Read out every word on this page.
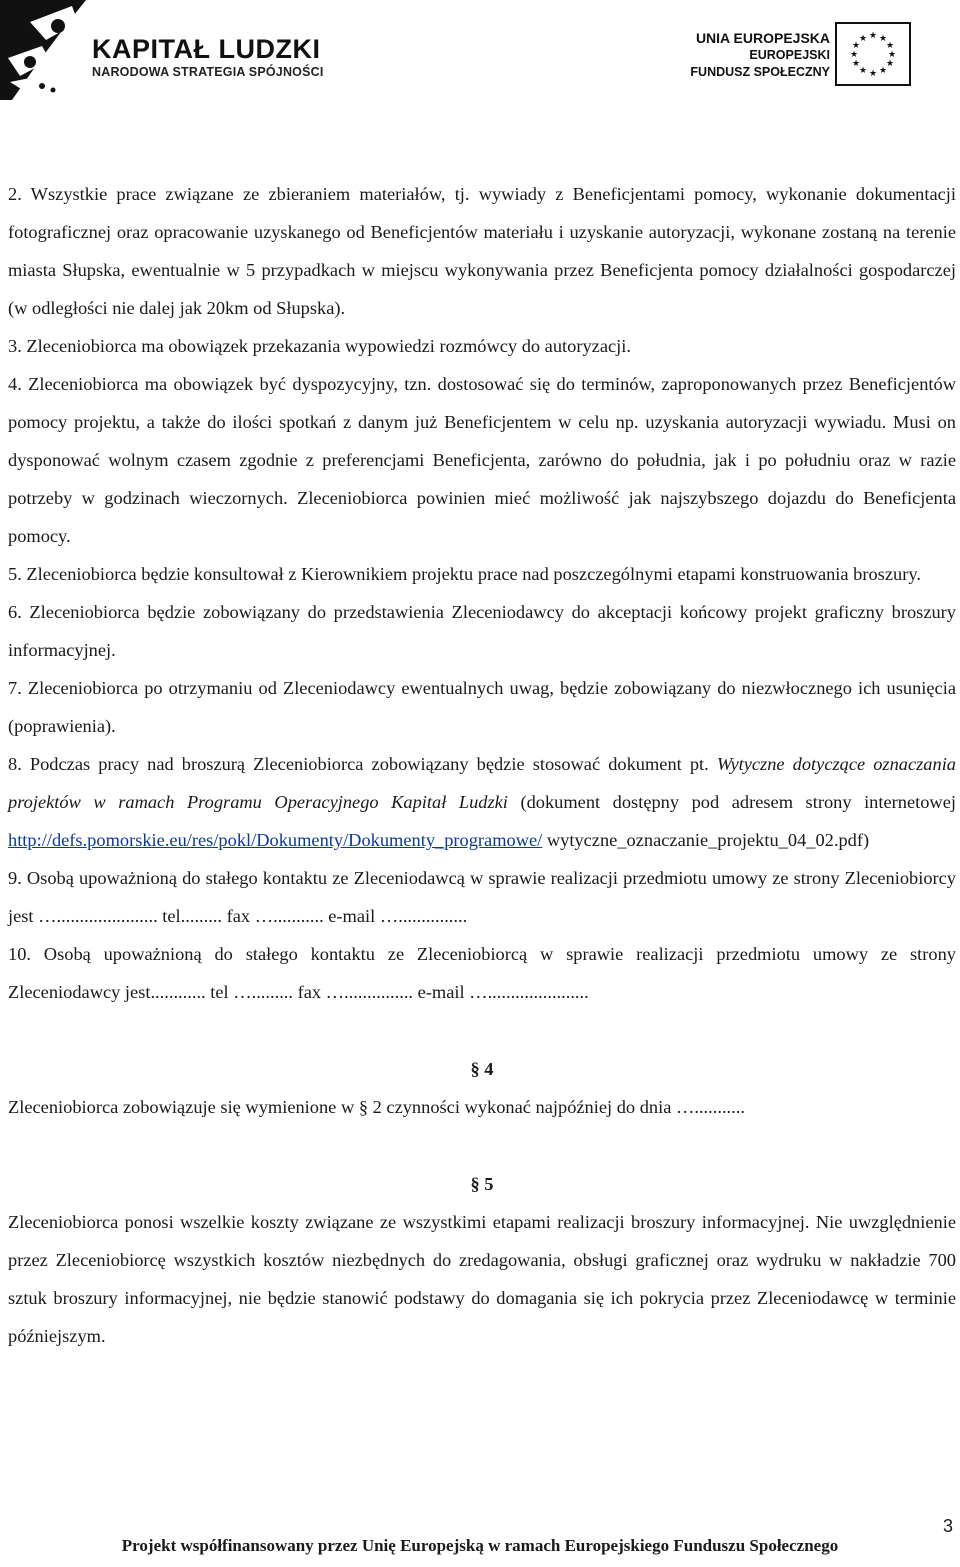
KAPITAŁ LUDZKI
NARODOWA STRATEGIA SPÓJNOŚCI
UNIA EUROPEJSKA
EUROPEJSKI
FUNDUSZ SPOŁECZNY
★ ★
★
★
★
★
★
★
★
★
★
★

2. Wszystkie prace związane ze zbieraniem materiałów, tj. wywiady z Beneficjentami pomocy, wykonanie dokumentacji fotograficznej oraz opracowanie uzyskanego od Beneficjentów materiału i uzyskanie autoryzacji, wykonane zostaną na terenie miasta Słupska, ewentualnie w 5 przypadkach w miejscu wykonywania przez Beneficjenta pomocy działalności gospodarczej (w odległości nie dalej jak 20km od Słupska).

3. Zleceniobiorca ma obowiązek przekazania wypowiedzi rozmówcy do autoryzacji.

4. Zleceniobiorca ma obowiązek być dyspozycyjny, tzn. dostosować się do terminów, zaproponowanych przez Beneficjentów pomocy projektu, a także do ilości spotkań z danym już Beneficjentem w celu np. uzyskania autoryzacji wywiadu. Musi on dysponować wolnym czasem zgodnie z preferencjami Beneficjenta, zarówno do południa, jak i po południu oraz w razie potrzeby w godzinach wieczornych. Zleceniobiorca powinien mieć możliwość jak najszybszego dojazdu do Beneficjenta pomocy.

5. Zleceniobiorca będzie konsultował z Kierownikiem projektu prace nad poszczególnymi etapami konstruowania broszury.

6. Zleceniobiorca będzie zobowiązany do przedstawienia Zleceniodawcy do akceptacji końcowy projekt graficzny broszury informacyjnej.

7. Zleceniobiorca po otrzymaniu od Zleceniodawcy ewentualnych uwag, będzie zobowiązany do niezwłocznego ich usunięcia (poprawienia).

8. Podczas pracy nad broszurą Zleceniobiorca zobowiązany będzie stosować dokument pt. Wytyczne dotyczące oznaczania projektów w ramach Programu Operacyjnego Kapitał Ludzki (dokument dostępny pod adresem strony internetowej http://defs.pomorskie.eu/res/pokl/Dokumenty/Dokumenty_programowe/ wytyczne_oznaczanie_projektu_04_02.pdf)

9. Osobą upoważnioną do stałego kontaktu ze Zleceniodawcą w sprawie realizacji przedmiotu umowy ze strony Zleceniobiorcy jest …...................... tel......... fax …........... e-mail …...............

10. Osobą upoważnioną do stałego kontaktu ze Zleceniobiorcą w sprawie realizacji przedmiotu umowy ze strony Zleceniodawcy jest............ tel …......... fax …............... e-mail …......................

§ 4

Zleceniobiorca zobowiązuje się wymienione w § 2 czynności wykonać najpóźniej do dnia …...........

§ 5

Zleceniobiorca ponosi wszelkie koszty związane ze wszystkimi etapami realizacji broszury informacyjnej. Nie uwzględnienie przez Zleceniobiorcę wszystkich kosztów niezbędnych do zredagowania, obsługi graficznej oraz wydruku w nakładzie 700 sztuk broszury informacyjnej, nie będzie stanowić podstawy do domagania się ich pokrycia przez Zleceniodawcę w terminie późniejszym.

3
Projekt współfinansowany przez Unię Europejską w ramach Europejskiego Funduszu Społecznego
